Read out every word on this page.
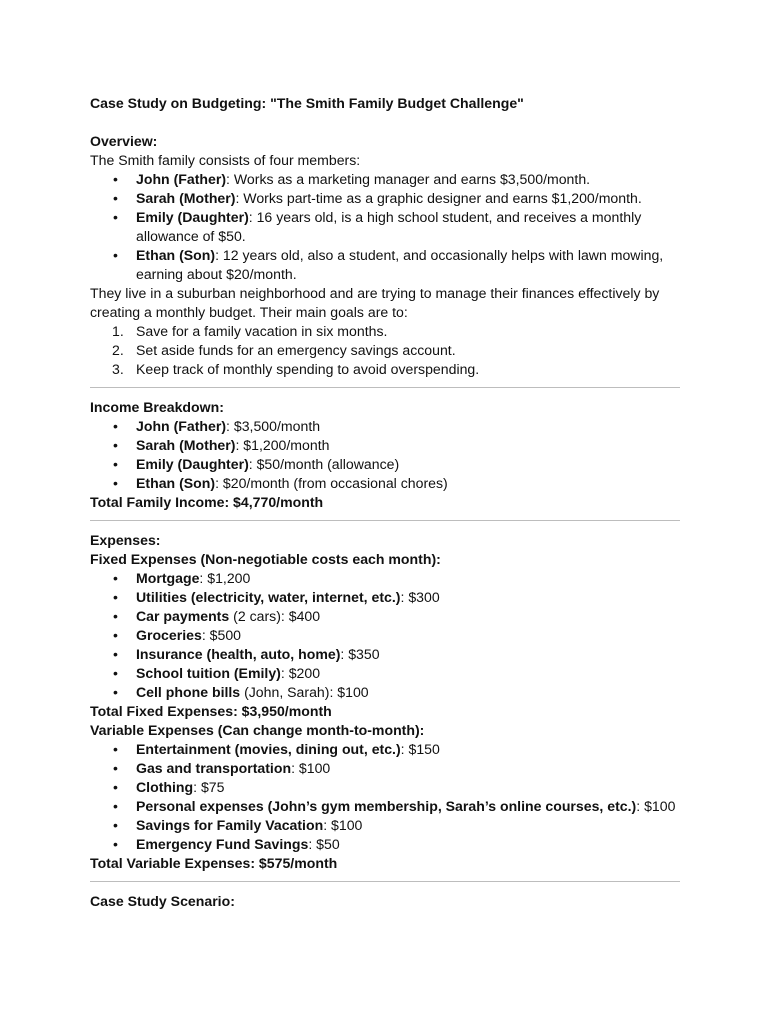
Case Study on Budgeting: "The Smith Family Budget Challenge"
Overview:
The Smith family consists of four members:
• John (Father): Works as a marketing manager and earns $3,500/month.
• Sarah (Mother): Works part-time as a graphic designer and earns $1,200/month.
• Emily (Daughter): 16 years old, is a high school student, and receives a monthly
allowance of $50.
• Ethan (Son): 12 years old, also a student, and occasionally helps with lawn mowing,
earning about $20/month.
They live in a suburban neighborhood and are trying to manage their finances effectively by
creating a monthly budget. Their main goals are to:
1. Save for a family vacation in six months.
2. Set aside funds for an emergency savings account.
3. Keep track of monthly spending to avoid overspending.
Income Breakdown:
• John (Father): $3,500/month
• Sarah (Mother): $1,200/month
• Emily (Daughter): $50/month (allowance)
• Ethan (Son): $20/month (from occasional chores)
Total Family Income: $4,770/month
Expenses:
Fixed Expenses (Non-negotiable costs each month):
• Mortgage: $1,200
• Utilities (electricity, water, internet, etc.): $300
• Car payments (2 cars): $400
• Groceries: $500
• Insurance (health, auto, home): $350
• School tuition (Emily): $200
• Cell phone bills (John, Sarah): $100
Total Fixed Expenses: $3,950/month
Variable Expenses (Can change month-to-month):
• Entertainment (movies, dining out, etc.): $150
• Gas and transportation: $100
• Clothing: $75
• Personal expenses (John’s gym membership, Sarah’s online courses, etc.): $100
• Savings for Family Vacation: $100
• Emergency Fund Savings: $50
Total Variable Expenses: $575/month
Case Study Scenario:
